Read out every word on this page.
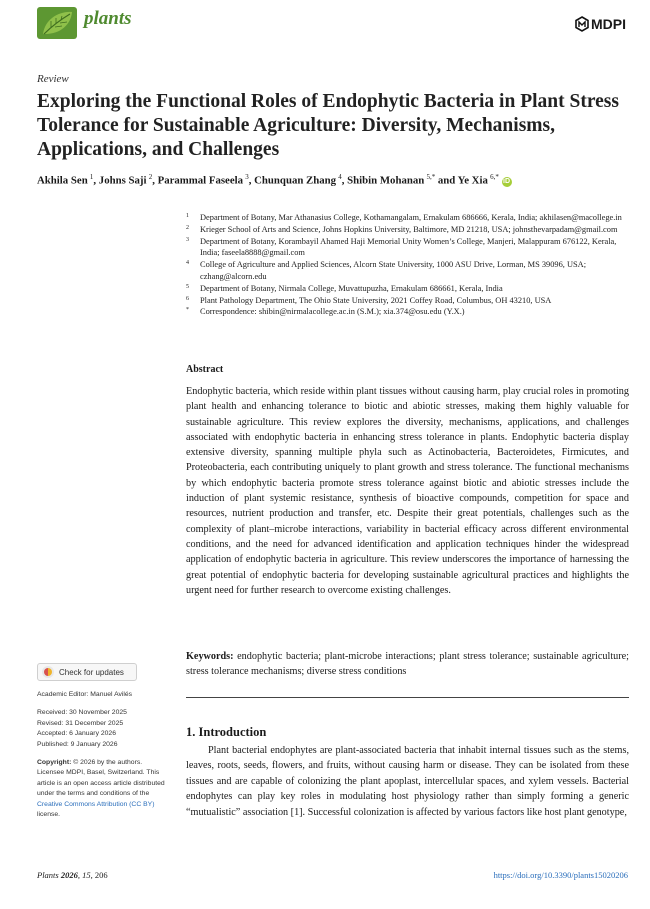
plants	MDPI
Review
Exploring the Functional Roles of Endophytic Bacteria in Plant Stress Tolerance for Sustainable Agriculture: Diversity, Mechanisms, Applications, and Challenges
Akhila Sen  $^1$, Johns Saji  $^2$, Parammal Faseela  $^3$, Chunquan Zhang  $^4$, Shibin Mohanan  $^{5,*}$ and Ye Xia  $^{6,*}$ iD
1 Department of Botany, Mar Athanasius College, Kothamangalam, Ernakulam 686666, Kerala, India; akhilasen@macollege.in
2 Krieger School of Arts and Science, Johns Hopkins University, Baltimore, MD 21218, USA; johnsthevarpadam@gmail.com
3 Department of Botany, Korambayil Ahamed Haji Memorial Unity Women’s College, Manjeri, Malappuram 676122, Kerala, India; faseela8888@gmail.com
4 College of Agriculture and Applied Sciences, Alcorn State University, 1000 ASU Drive, Lorman, MS 39096, USA; czhang@alcorn.edu
5 Department of Botany, Nirmala College, Muvattupuzha, Ernakulam 686661, Kerala, India
6 Plant Pathology Department, The Ohio State University, 2021 Coffey Road, Columbus, OH 43210, USA
* Correspondence: shibin@nirmalacollege.ac.in (S.M.); xia.374@osu.edu (Y.X.)
Abstract
Endophytic bacteria, which reside within plant tissues without causing harm, play crucial roles in promoting plant health and enhancing tolerance to biotic and abiotic stresses, making them highly valuable for sustainable agriculture. This review explores the diversity, mechanisms, applications, and challenges associated with endophytic bacteria in enhancing stress tolerance in plants. Endophytic bacteria display extensive diversity, spanning multiple phyla such as Actinobacteria, Bacteroidetes, Firmicutes, and Proteobacteria, each contributing uniquely to plant growth and stress tolerance. The functional mechanisms by which endophytic bacteria promote stress tolerance against biotic and abiotic stresses include the induction of plant systemic resistance, synthesis of bioactive compounds, competition for space and resources, nutrient production and transfer, etc. Despite their great potentials, challenges such as the complexity of plant–microbe interactions, variability in bacterial efficacy across different environmental conditions, and the need for advanced identification and application techniques hinder the widespread application of endophytic bacteria in agriculture. This review underscores the importance of harnessing the great potential of endophytic bacteria for developing sustainable agricultural practices and highlights the urgent need for further research to overcome existing challenges.
Keywords: endophytic bacteria; plant-microbe interactions; plant stress tolerance; sustainable agriculture; stress tolerance mechanisms; diverse stress conditions
1. Introduction
Plant bacterial endophytes are plant-associated bacteria that inhabit internal tissues such as the stems, leaves, roots, seeds, flowers, and fruits, without causing harm or disease. They can be isolated from these tissues and are capable of colonizing the plant apoplast, intercellular spaces, and xylem vessels. Bacterial endophytes can play key roles in modulating host physiology rather than simply forming a generic “mutualistic” association [1]. Successful colonization is affected by various factors like host plant genotype,
Check for updates
Academic Editor: Manuel Avilés
Received: 30 November 2025
Revised: 31 December 2025
Accepted: 6 January 2026
Published: 9 January 2026
Copyright: © 2026 by the authors. Licensee MDPI, Basel, Switzerland. This article is an open access article distributed under the terms and conditions of the Creative Commons Attribution (CC BY) license.
Plants 2026, 15, 206	https://doi.org/10.3390/plants15020206
